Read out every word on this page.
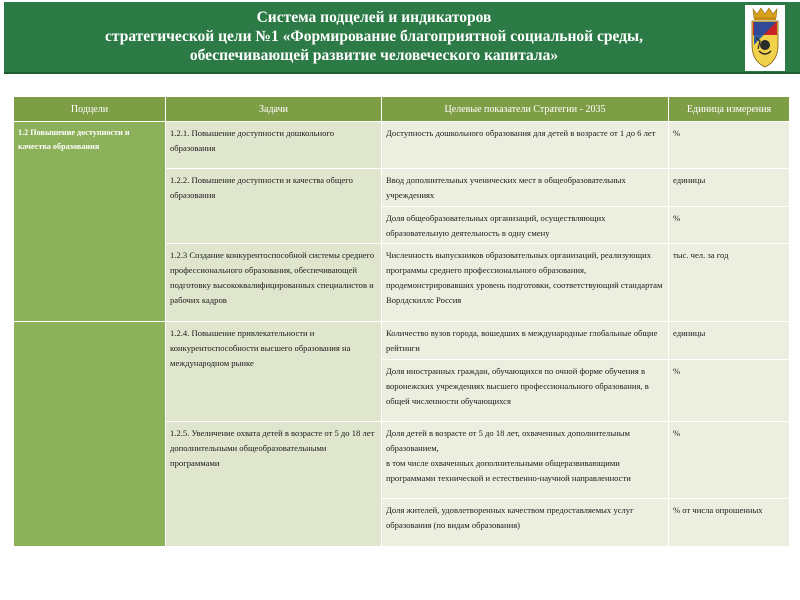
Система подцелей и индикаторов
стратегической цели №1 «Формирование благоприятной социальной среды,
обеспечивающей развитие человеческого капитала»
Подцели	Задачи	Целевые показатели Стратегии - 2035	Единица измерения
1.2 Повышение доступности и качества образования	1.2.1. Повышение доступности дошкольного образования	Доступность дошкольного образования для детей в возрасте от 1 до 6 лет	%
	1.2.2. Повышение доступности и качества общего образования	Ввод дополнительных ученических мест в общеобразовательных учреждениях	единицы
		Доля общеобразовательных организаций, осуществляющих образовательную деятельность в одну смену	%
	1.2.3 Создание конкурентоспособной системы среднего профессионального образования, обеспечивающей подготовку высококвалифицированных специалистов и рабочих кадров	Численность выпускников образовательных организаций, реализующих программы среднего профессионального образования, продемонстрировавших уровень подготовки, соответствующий стандартам Ворлдскиллс Россия	тыс. чел. за год
	1.2.4. Повышение привлекательности и конкурентоспособности высшего образования на международном рынке	Количество вузов города, вошедших в международные глобальные общие рейтинги	единицы
		Доля иностранных граждан, обучающихся по очной форме обучения в воронежских учреждениях высшего профессионального образования, в общей численности обучающихся	%
	1.2.5. Увеличение охвата детей в возрасте от 5 до 18 лет дополнительными общеобразовательными программами	Доля детей в возрасте от 5 до 18 лет, охваченных дополнительным образованием,
в том числе охваченных дополнительными общеразвивающими программами технической и естественно-научной направленности	%
		Доля жителей, удовлетворенных качеством предоставляемых услуг образования (по видам образования)	% от числа опрошенных
